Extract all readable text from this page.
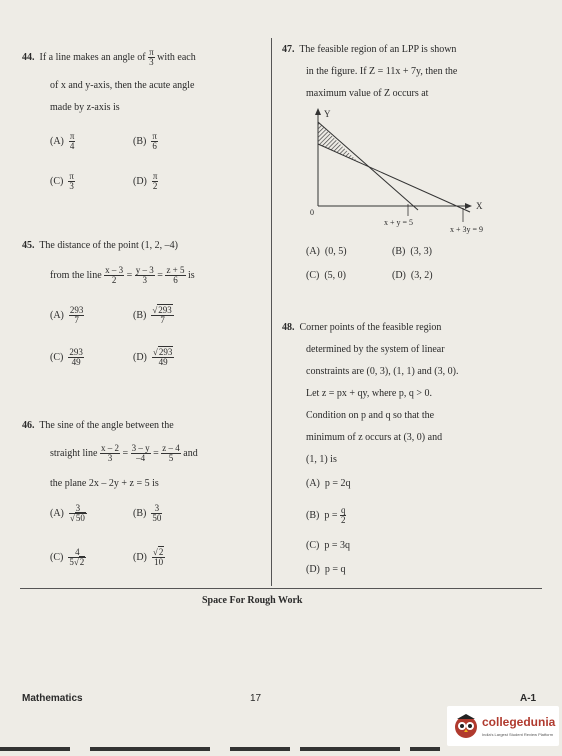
44. If a line makes an angle of $\frac{\pi}{3}$ with each
of x and y-axis, then the acute angle
made by z-axis is
$(A) \frac{\pi}{4}$	$(B) \frac{\pi}{6}$
$(C) \frac{\pi}{3}$	$(D) \frac{\pi}{2}$
45. The distance of the point (1, 2, –4)
from the line $\frac{x - 3}{2} = \frac{y - 3}{3} = \frac{z + 5}{6}$ is
$(A) \frac{293}{7}$	$(B) \frac{√293}{7}$
$(C) \frac{293}{49}$	$(D) \frac{√293}{49}$
46. The sine of the angle between the
straight line $\frac{x - 2}{3} = \frac{3 - y}{-4} = \frac{z - 4}{5}$ and
the plane 2x – 2y + z = 5 is
$(A) \frac{3}{√50}$	$(B) \frac{3}{50}$
$(C) \frac{4}{5√2}$	$(D) \frac{√2}{10}$
47. The feasible region of an LPP is shown
in the figure. If Z = 11x + 7y, then the
maximum value of Z occurs at
Y
X
0
x + y = 5
x + 3y = 9
(A) (0, 5)	(B) (3, 3)
(C) (5, 0)	(D) (3, 2)
48. Corner points of the feasible region
determined by the system of linear
constraints are (0, 3), (1, 1) and (3, 0).
Let z = px + qy, where p, q > 0.
Condition on p and q so that the
minimum of z occurs at (3, 0) and
(1, 1) is
(A) p = 2q
(B) $p = \frac{q}{2}$
(C) p = 3q
(D) p = q
Space For Rough Work
Mathematics	17	A-1
collegedunia
India's Largest Student Review Platform
